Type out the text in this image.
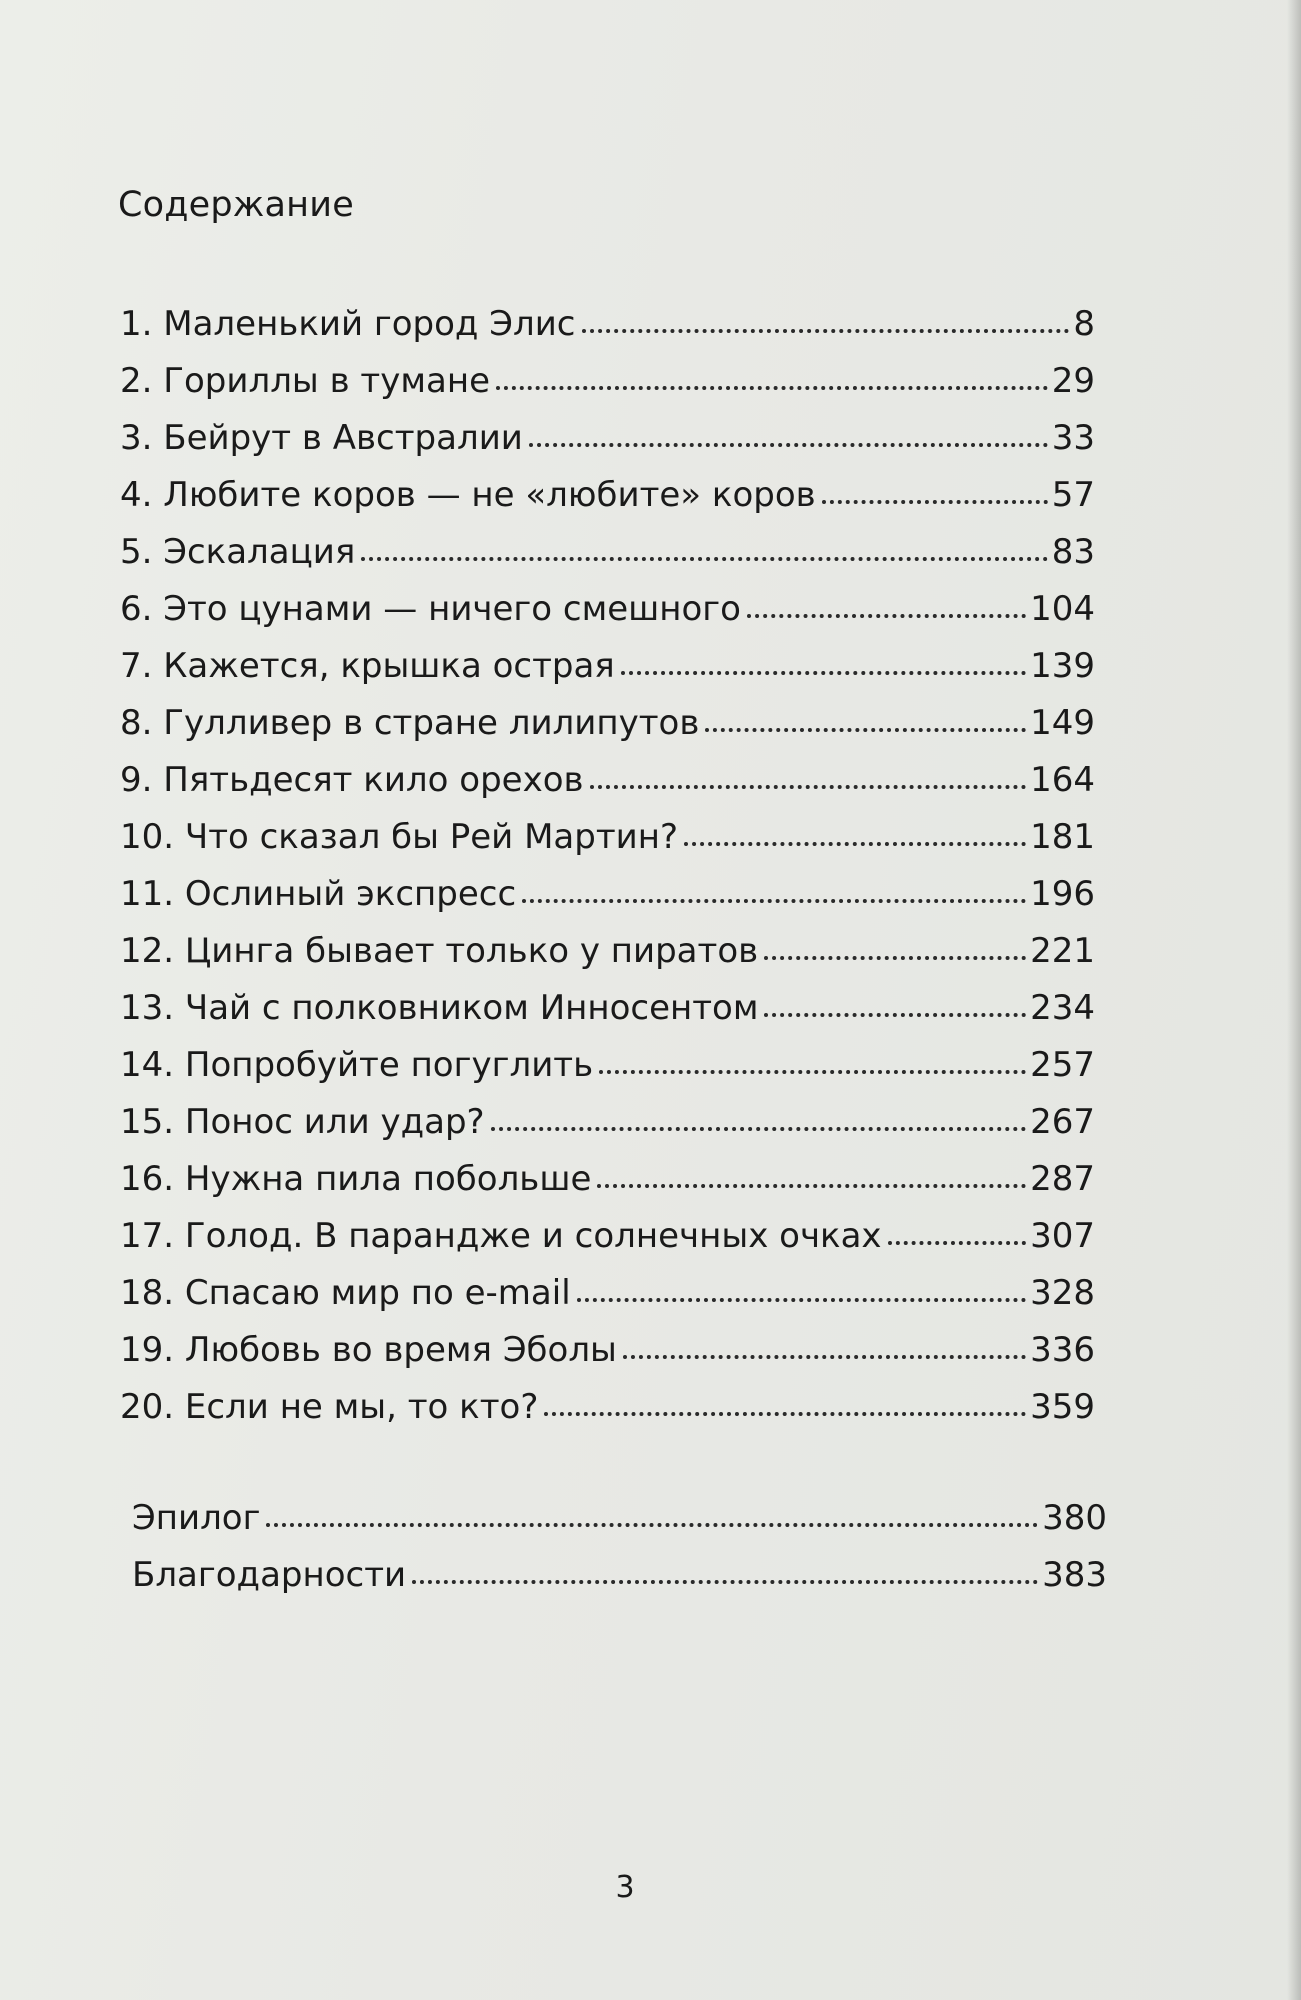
Содержание
1. Маленький город Элис	8
2. Гориллы в тумане	29
3. Бейрут в Австралии	33
4. Любите коров — не «любите» коров	57
5. Эскалация	83
6. Это цунами — ничего смешного	104
7. Кажется, крышка острая	139
8. Гулливер в стране лилипутов	149
9. Пятьдесят кило орехов	164
10. Что сказал бы Рей Мартин?	181
11. Ослиный экспресс	196
12. Цинга бывает только у пиратов	221
13. Чай с полковником Инносентом	234
14. Попробуйте погуглить	257
15. Понос или удар?	267
16. Нужна пила побольше	287
17. Голод. В парандже и солнечных очках	307
18. Спасаю мир по e-mail	328
19. Любовь во время Эболы	336
20. Если не мы, то кто?	359
Эпилог	380
Благодарности	383
3
